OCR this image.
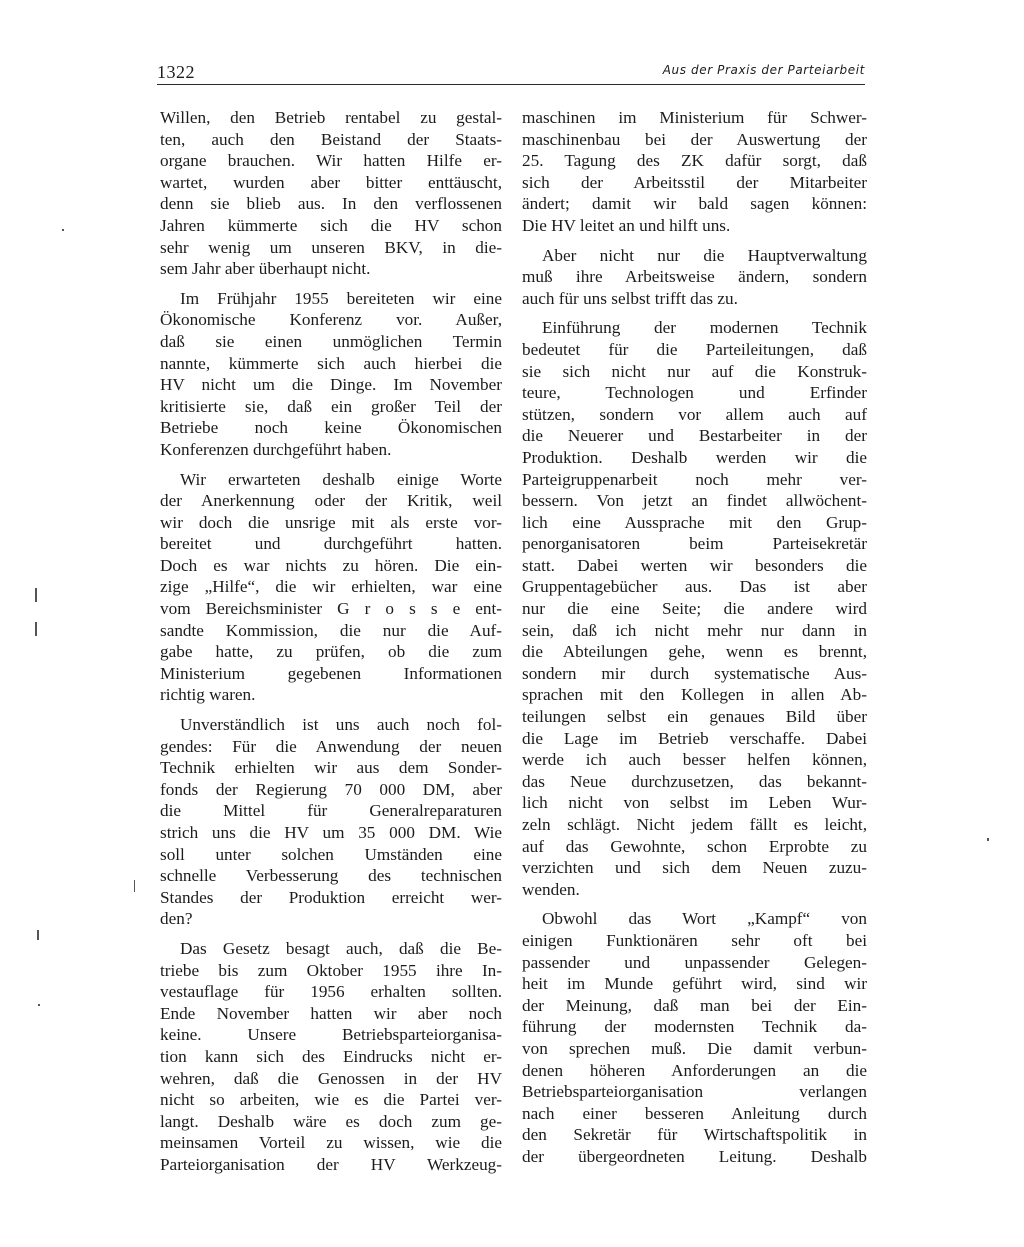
1322	Aus der Praxis der Parteiarbeit
Willen, den Betrieb rentabel zu gestal-
ten, auch den Beistand der Staats-
organe brauchen. Wir hatten Hilfe er-
wartet, wurden aber bitter enttäuscht,
denn sie blieb aus. In den verflossenen
Jahren kümmerte sich die HV schon
sehr wenig um unseren BKV, in die-
sem Jahr aber überhaupt nicht.
Im Frühjahr 1955 bereiteten wir eine
Ökonomische Konferenz vor. Außer,
daß sie einen unmöglichen Termin
nannte, kümmerte sich auch hierbei die
HV nicht um die Dinge. Im November
kritisierte sie, daß ein großer Teil der
Betriebe noch keine Ökonomischen
Konferenzen durchgeführt haben.
Wir erwarteten deshalb einige Worte
der Anerkennung oder der Kritik, weil
wir doch die unsrige mit als erste vor-
bereitet und durchgeführt hatten.
Doch es war nichts zu hören. Die ein-
zige „Hilfe“, die wir erhielten, war eine
vom Bereichsminister G r o s s e ent-
sandte Kommission, die nur die Auf-
gabe hatte, zu prüfen, ob die zum
Ministerium gegebenen Informationen
richtig waren.
Unverständlich ist uns auch noch fol-
gendes: Für die Anwendung der neuen
Technik erhielten wir aus dem Sonder-
fonds der Regierung 70 000 DM, aber
die Mittel für Generalreparaturen
strich uns die HV um 35 000 DM. Wie
soll unter solchen Umständen eine
schnelle Verbesserung des technischen
Standes der Produktion erreicht wer-
den?
Das Gesetz besagt auch, daß die Be-
triebe bis zum Oktober 1955 ihre In-
vestauflage für 1956 erhalten sollten.
Ende November hatten wir aber noch
keine. Unsere Betriebsparteiorganisa-
tion kann sich des Eindrucks nicht er-
wehren, daß die Genossen in der HV
nicht so arbeiten, wie es die Partei ver-
langt. Deshalb wäre es doch zum ge-
meinsamen Vorteil zu wissen, wie die
Parteiorganisation der HV Werkzeug-
maschinen im Ministerium für Schwer-
maschinenbau bei der Auswertung der
25. Tagung des ZK dafür sorgt, daß
sich der Arbeitsstil der Mitarbeiter
ändert; damit wir bald sagen können:
Die HV leitet an und hilft uns.
Aber nicht nur die Hauptverwaltung
muß ihre Arbeitsweise ändern, sondern
auch für uns selbst trifft das zu.
Einführung der modernen Technik
bedeutet für die Parteileitungen, daß
sie sich nicht nur auf die Konstruk-
teure, Technologen und Erfinder
stützen, sondern vor allem auch auf
die Neuerer und Bestarbeiter in der
Produktion. Deshalb werden wir die
Parteigruppenarbeit noch mehr ver-
bessern. Von jetzt an findet allwöchent-
lich eine Aussprache mit den Grup-
penorganisatoren beim Parteisekretär
statt. Dabei werten wir besonders die
Gruppentagebücher aus. Das ist aber
nur die eine Seite; die andere wird
sein, daß ich nicht mehr nur dann in
die Abteilungen gehe, wenn es brennt,
sondern mir durch systematische Aus-
sprachen mit den Kollegen in allen Ab-
teilungen selbst ein genaues Bild über
die Lage im Betrieb verschaffe. Dabei
werde ich auch besser helfen können,
das Neue durchzusetzen, das bekannt-
lich nicht von selbst im Leben Wur-
zeln schlägt. Nicht jedem fällt es leicht,
auf das Gewohnte, schon Erprobte zu
verzichten und sich dem Neuen zuzu-
wenden.
Obwohl das Wort „Kampf“ von
einigen Funktionären sehr oft bei
passender und unpassender Gelegen-
heit im Munde geführt wird, sind wir
der Meinung, daß man bei der Ein-
führung der modernsten Technik da-
von sprechen muß. Die damit verbun-
denen höheren Anforderungen an die
Betriebsparteiorganisation verlangen
nach einer besseren Anleitung durch
den Sekretär für Wirtschaftspolitik in
der übergeordneten Leitung. Deshalb
